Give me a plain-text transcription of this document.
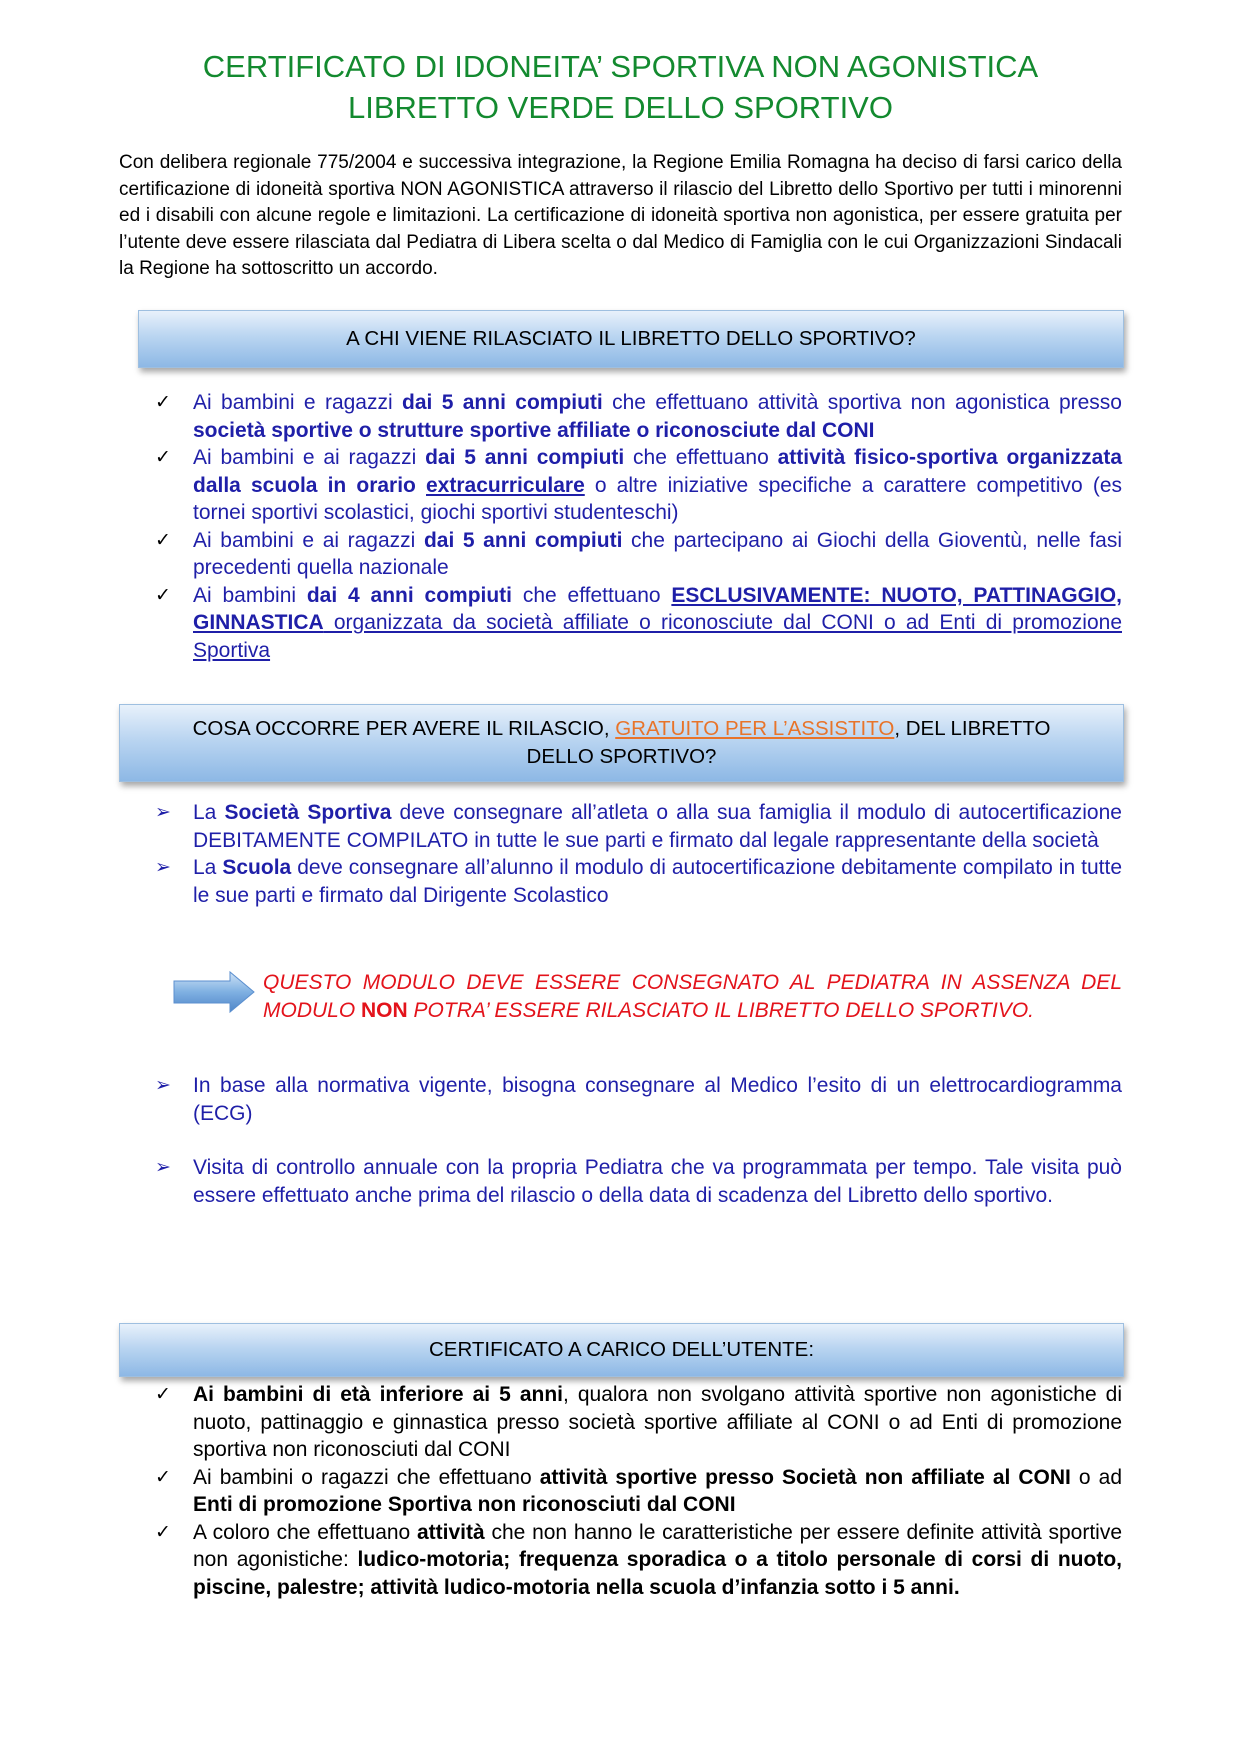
CERTIFICATO DI IDONEITA’ SPORTIVA NON AGONISTICA
LIBRETTO VERDE DELLO SPORTIVO
Con delibera regionale 775/2004 e successiva integrazione, la Regione Emilia Romagna ha deciso di farsi carico della certificazione di idoneità sportiva NON AGONISTICA attraverso il rilascio del Libretto dello Sportivo per tutti i minorenni ed i disabili con alcune regole e limitazioni. La certificazione di idoneità sportiva non agonistica, per essere gratuita per l’utente deve essere rilasciata dal Pediatra di Libera scelta o dal Medico di Famiglia con le cui Organizzazioni Sindacali la Regione ha sottoscritto un accordo.
A CHI VIENE RILASCIATO IL LIBRETTO DELLO SPORTIVO?

✓ Ai bambini e ragazzi dai 5 anni compiuti che effettuano attività sportiva non agonistica presso società sportive o strutture sportive affiliate o riconosciute dal CONI

✓ Ai bambini e ai ragazzi dai 5 anni compiuti che effettuano attività fisico-sportiva organizzata dalla scuola in orario extracurriculare o altre iniziative specifiche a carattere competitivo (es tornei sportivi scolastici, giochi sportivi studenteschi)

✓ Ai bambini e ai ragazzi dai 5 anni compiuti che partecipano ai Giochi della Gioventù, nelle fasi precedenti quella nazionale

✓ Ai bambini dai 4 anni compiuti che effettuano ESCLUSIVAMENTE: NUOTO, PATTINAGGIO, GINNASTICA organizzata da società affiliate o riconosciute dal CONI o ad Enti di promozione Sportiva

COSA OCCORRE PER AVERE IL RILASCIO, GRATUITO PER L’ASSISTITO, DEL LIBRETTO DELLO SPORTIVO?

➢ La Società Sportiva deve consegnare all’atleta o alla sua famiglia il modulo di autocertificazione DEBITAMENTE COMPILATO in tutte le sue parti e firmato dal legale rappresentante della società

➢ La Scuola deve consegnare all’alunno il modulo di autocertificazione debitamente compilato in tutte le sue parti e firmato dal Dirigente Scolastico

QUESTO MODULO DEVE ESSERE CONSEGNATO AL PEDIATRA IN ASSENZA DEL MODULO NON POTRA’ ESSERE RILASCIATO IL LIBRETTO DELLO SPORTIVO.

➢ In base alla normativa vigente, bisogna consegnare al Medico l’esito di un elettrocardiogramma (ECG)

➢ Visita di controllo annuale con la propria Pediatra che va programmata per tempo. Tale visita può essere effettuato anche prima del rilascio o della data di scadenza del Libretto dello sportivo.

CERTIFICATO A CARICO DELL’UTENTE:

✓ Ai bambini di età inferiore ai 5 anni, qualora non svolgano attività sportive non agonistiche di nuoto, pattinaggio e ginnastica presso società sportive affiliate al CONI o ad Enti di promozione sportiva non riconosciuti dal CONI

✓ Ai bambini o ragazzi che effettuano attività sportive presso Società non affiliate al CONI o ad Enti di promozione Sportiva non riconosciuti dal CONI

✓ A coloro che effettuano attività che non hanno le caratteristiche per essere definite attività sportive non agonistiche: ludico-motoria; frequenza sporadica o a titolo personale di corsi di nuoto, piscine, palestre; attività ludico-motoria nella scuola d’infanzia sotto i 5 anni.
